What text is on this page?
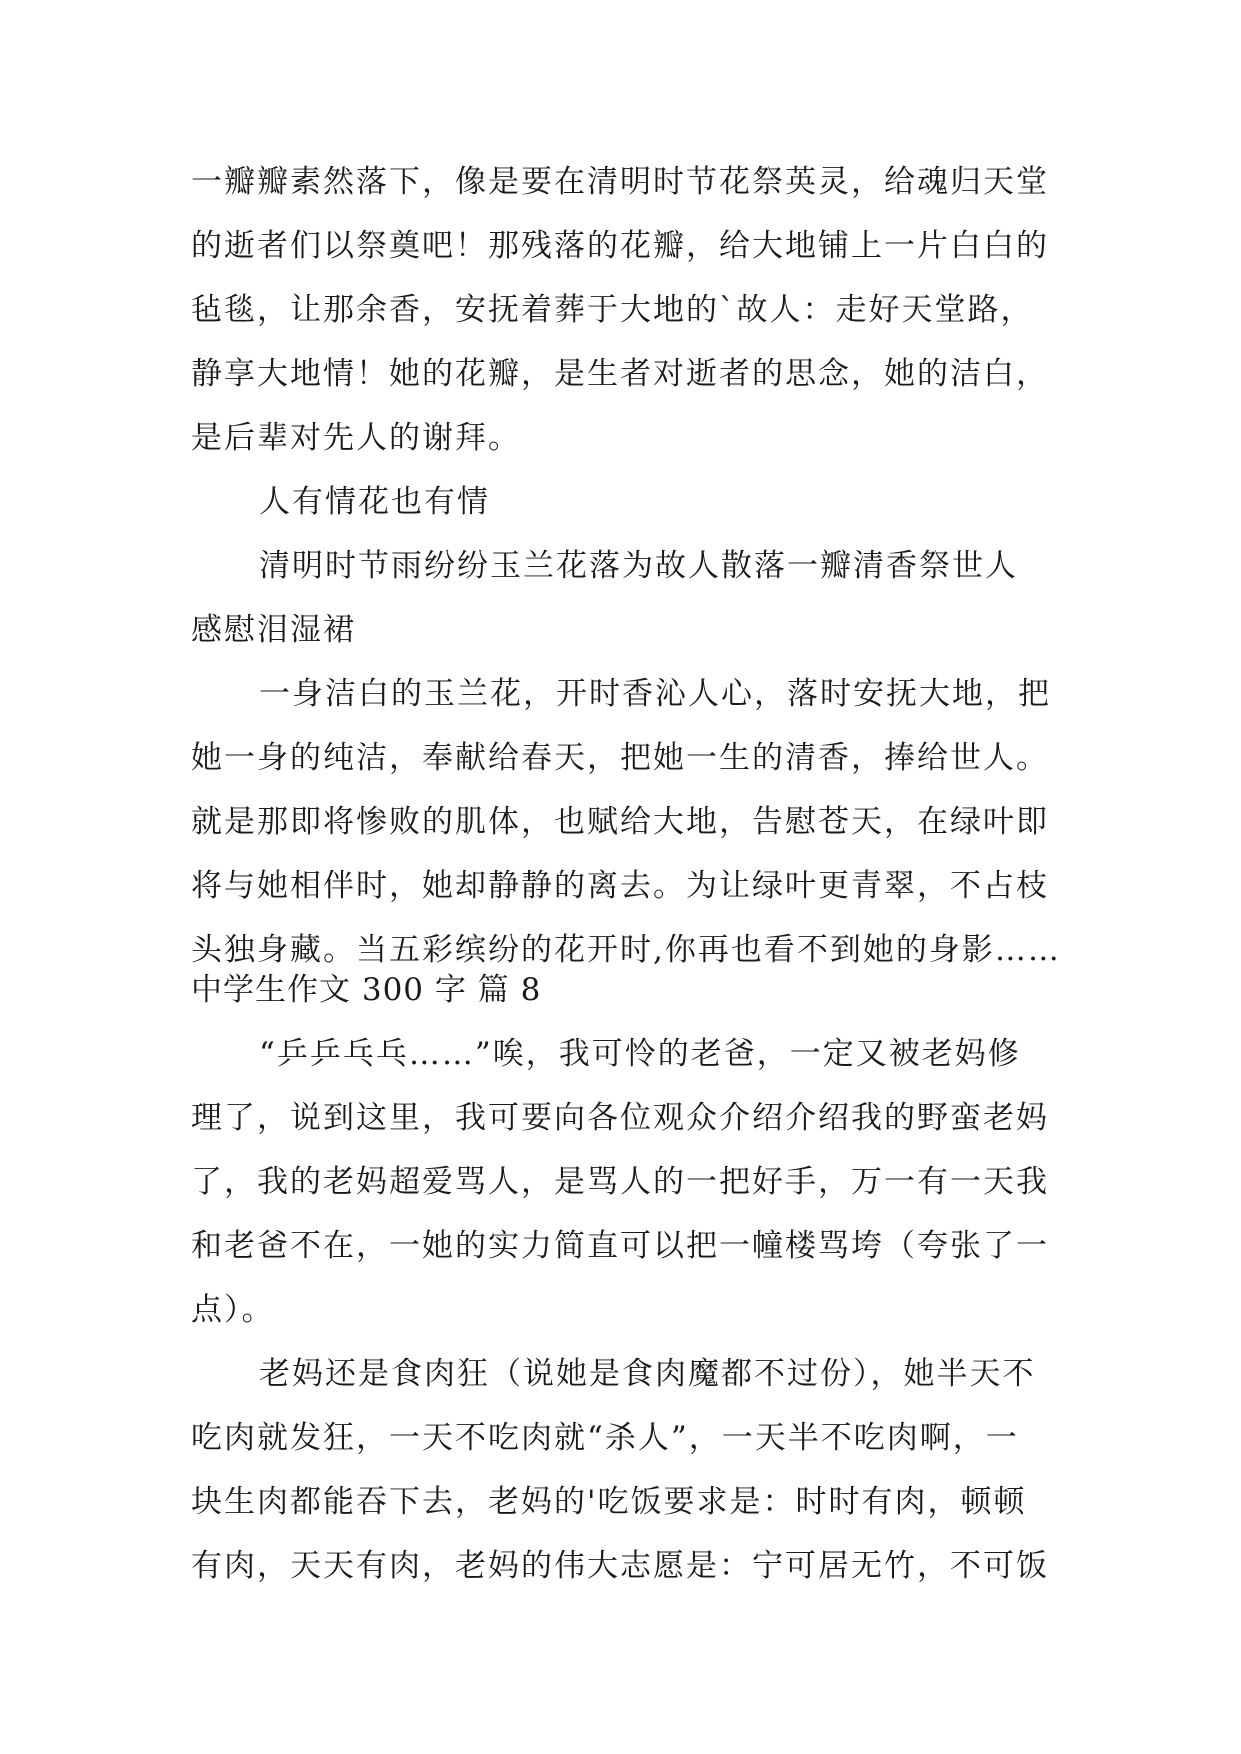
一瓣瓣素然落下，像是要在清明时节花祭英灵，给魂归天堂
的逝者们以祭奠吧！那残落的花瓣，给大地铺上一片白白的
毡毯，让那余香，安抚着葬于大地的`故人：走好天堂路，
静享大地情！她的花瓣，是生者对逝者的思念，她的洁白，
是后辈对先人的谢拜。
人有情花也有情
清明时节雨纷纷玉兰花落为故人散落一瓣清香祭世人
感慰泪湿裙
一身洁白的玉兰花，开时香沁人心，落时安抚大地，把
她一身的纯洁，奉献给春天，把她一生的清香，捧给世人。
就是那即将惨败的肌体，也赋给大地，告慰苍天，在绿叶即
将与她相伴时，她却静静的离去。为让绿叶更青翠，不占枝
头独身藏。当五彩缤纷的花开时,你再也看不到她的身影……
中学生作文 300 字 篇 8
“乒乒乓乓……”唉，我可怜的老爸，一定又被老妈修
理了，说到这里，我可要向各位观众介绍介绍我的野蛮老妈
了，我的老妈超爱骂人，是骂人的一把好手，万一有一天我
和老爸不在，一她的实力简直可以把一幢楼骂垮（夸张了一
点）。
老妈还是食肉狂（说她是食肉魔都不过份），她半天不
吃肉就发狂，一天不吃肉就“杀人”，一天半不吃肉啊，一
块生肉都能吞下去，老妈的'吃饭要求是：时时有肉，顿顿
有肉，天天有肉，老妈的伟大志愿是：宁可居无竹，不可饭
